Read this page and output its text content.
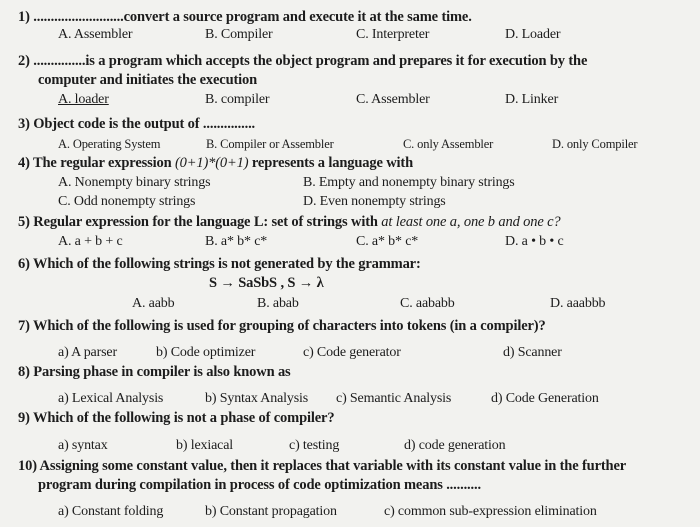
1) ..........................convert a source program and execute it at the same time.
A. Assembler	B. Compiler	C. Interpreter	D. Loader
2) ...............is a program which accepts the object program and prepares it for execution by the
computer and initiates the execution
A. loader	B. compiler	C. Assembler	D. Linker
3) Object code is the output of ...............
A. Operating System	B. Compiler or Assembler	C. only Assembler	D. only Compiler
4) The regular expression (0+1)*(0+1) represents a language with
A. Nonempty binary strings	B. Empty and nonempty binary strings
C. Odd nonempty strings	D. Even nonempty strings
5) Regular expression for the language L: set of strings with at least one a, one b and one c?
A. a + b + c	B. a* b* c*	C. a* b* c*	D. a • b • c
6) Which of the following strings is not generated by the grammar:
S → SaSbS , S → λ
A. aabb	B. abab	C. aababb	D. aaabbb
7) Which of the following is used for grouping of characters into tokens (in a compiler)?
a) A parser	b) Code optimizer	c) Code generator	d) Scanner
8) Parsing phase in compiler is also known as
a) Lexical Analysis	b) Syntax Analysis c) Semantic Analysis	d) Code Generation
9) Which of the following is not a phase of compiler?
a) syntax	b) lexiacal	c) testing	d) code generation
10) Assigning some constant value, then it replaces that variable with its constant value in the further
program during compilation in process of code optimization means ..........
a) Constant folding	b) Constant propagation	c) common sub-expression elimination
